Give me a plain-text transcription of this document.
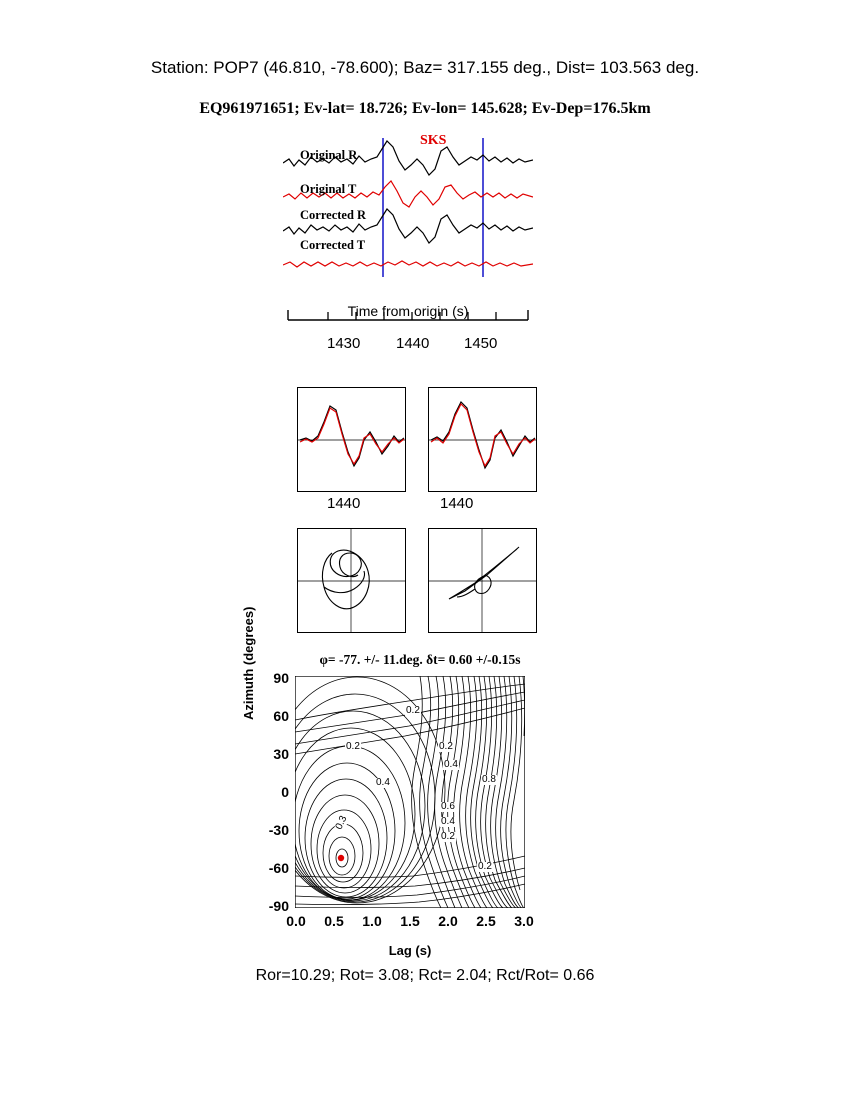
Station: POP7 (46.810, -78.600); Baz= 317.155 deg., Dist= 103.563 deg.
EQ961971651; Ev-lat= 18.726; Ev-lon= 145.628; Ev-Dep=176.5km
SKS
Original R
Original T
Corrected R
Corrected T
Time from origin (s)
1430 1440 1450
1440	1440
φ= -77. +/- 11.deg. δt= 0.60 +/-0.15s
Azimuth (degrees)	90
60
30
0
-30
-60
-90
0.2
0.2	0.2
0.4
0.4
0.8
0.6
0.4
0.2
0.3
0.2
0.0	0.5	1.0	1.5	2.0	2.5	3.0
Lag (s)
Ror=10.29; Rot= 3.08; Rct= 2.04; Rct/Rot= 0.66
